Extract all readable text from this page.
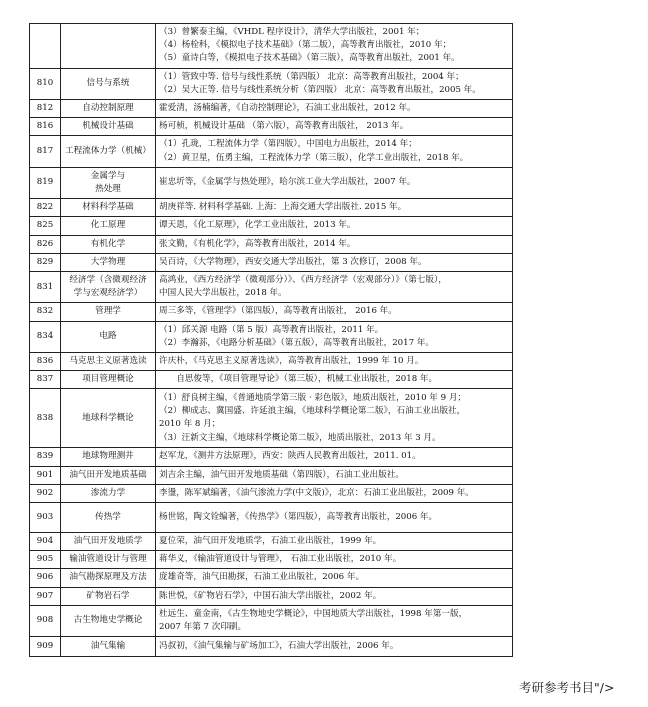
		（3）曾繁泰主编，《VHDL 程序设计》，清华大学出版社，2001 年；
（4）杨栓科，《模拟电子技术基础》（第二版），高等教育出版社，2010 年；
（5）童诗白等，《模拟电子技术基础》（第三版），高等教育出版社，2001 年。

810	信号与系统	（1）管致中等. 信号与线性系统（第四版） 北京：高等教育出版社，2004 年；
（2）吴大正等. 信号与线性系统分析（第四版） 北京：高等教育出版社，2005 年。

812	自动控制原理	霍爱清，汤楠编著，《自动控制理论》，石油工业出版社，2012 年。

816	机械设计基础	杨可桢，机械设计基础 （第六版），高等教育出版社， 2013 年。

817	工程流体力学（机械）	（1）孔珑，工程流体力学（第四版），中国电力出版社，2014 年；
（2）黄卫星，伍勇主编，工程流体力学（第三版），化学工业出版社，2018 年。

819	金属学与
热处理	崔忠圻等，《金属学与热处理》，哈尔滨工业大学出版社，2007 年。

822	材料科学基础	胡庚祥等. 材料科学基础. 上海：上海交通大学出版社. 2015 年。

825	化工原理	谭天恩，《化工原理》，化学工业出版社，2013 年。

826	有机化学	张文勤，《有机化学》，高等教育出版社，2014 年。

829	大学物理	吴百诗，《大学物理》，西安交通大学出版社，第 3 次修订，2008 年。

831	经济学（含微观经济
学与宏观经济学）	高鸿业，《西方经济学（微观部分）》、《西方经济学（宏观部分）》（第七版），
中国人民大学出版社，2018 年。

832	管理学	周三多等，《管理学》（第四版），高等教育出版社， 2016 年。

834	电路	（1）邱关源 电路（第 5 版）高等教育出版社，2011 年。
（2）李瀚荪，《电路分析基础》（第五版），高等教育出版社，2017 年。

836	马克思主义原著选读	许庆朴，《马克思主义原著选读》，高等教育出版社，1999 年 10 月。

837	项目管理概论	　　自思俊等，《项目管理导论》（第三版），机械工业出版社，2018 年。

838	地球科学概论	（1）舒良树主编，《普通地质学第三版 · 彩色版》，地质出版社，2010 年 9 月；
（2）柳成志、冀国盛、许延浪主编，《地球科学概论第二版》，石油工业出版社，
2010 年 8 月；
（3）汪新文主编，《地球科学概论第二版》，地质出版社，2013 年 3 月。

839	地球物理测井	赵军龙，《测井方法原理》，西安：陕西人民教育出版社，2011. 01。

901	油气田开发地质基础	刘吉余主编，油气田开发地质基础（第四版），石油工业出版社。

902	渗流力学	李璗，陈军斌编著，《油气渗流力学(中文版)》，北京：石油工业出版社，2009 年。

903	传热学	杨世铭，陶文铨编著，《传热学》（第四版），高等教育出版社，2006 年。

904	油气田开发地质学	夏位荣，油气田开发地质学，石油工业出版社，1999 年。

905	输油管道设计与管理	蒋华义，《输油管道设计与管理》， 石油工业出版社，2010 年。

906	油气勘探原理及方法	庞雄奇等，油气田勘探，石油工业出版社，2006 年。

907	矿物岩石学	陈世悦，《矿物岩石学》，中国石油大学出版社，2002 年。

908	古生物地史学概论	杜远生、童金南，《古生物地史学概论》，中国地质大学出版社，1998 年第一版，
2007 年第 7 次印刷。

909	油气集输	冯叔初，《油气集输与矿场加工》，石油大学出版社，2006 年。
考研参考书目"/>
